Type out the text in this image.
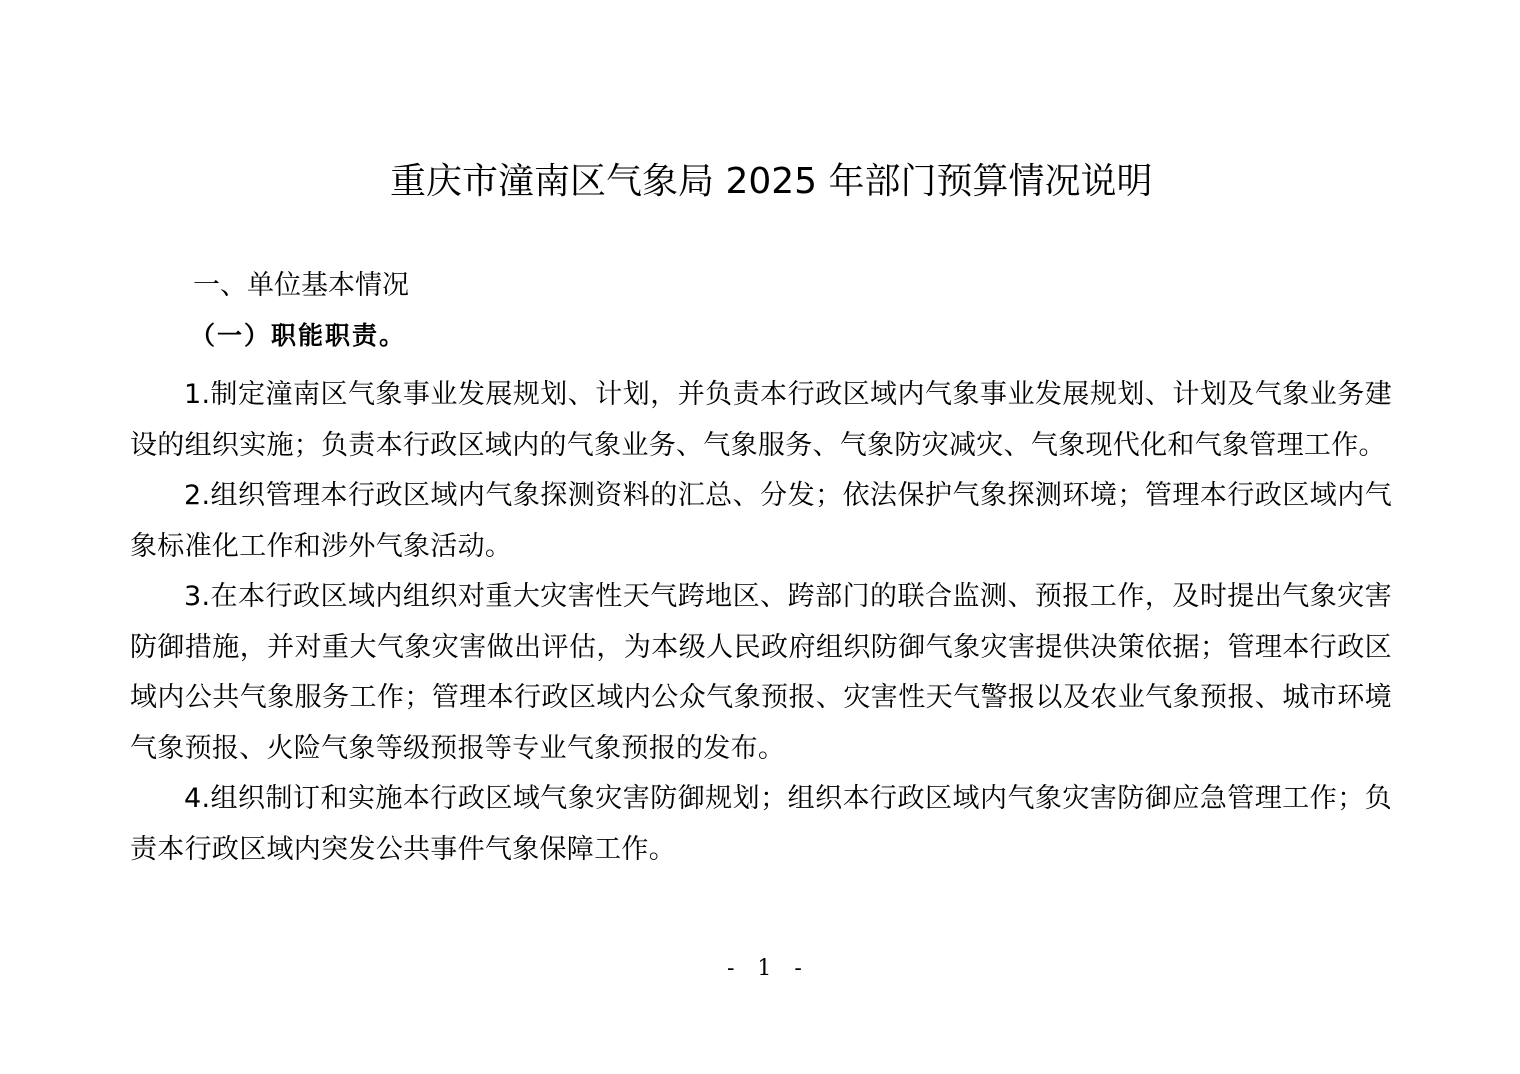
重庆市潼南区气象局 2025 年部门预算情况说明
一、单位基本情况
（一）职能职责。

1.制定潼南区气象事业发展规划、计划，并负责本行政区域内气象事业发展规划、计划及气象业务建设的组织实施；负责本行政区域内的气象业务、气象服务、气象防灾减灾、气象现代化和气象管理工作。

2.组织管理本行政区域内气象探测资料的汇总、分发；依法保护气象探测环境；管理本行政区域内气象标准化工作和涉外气象活动。

3.在本行政区域内组织对重大灾害性天气跨地区、跨部门的联合监测、预报工作，及时提出气象灾害防御措施，并对重大气象灾害做出评估，为本级人民政府组织防御气象灾害提供决策依据；管理本行政区域内公共气象服务工作；管理本行政区域内公众气象预报、灾害性天气警报以及农业气象预报、城市环境气象预报、火险气象等级预报等专业气象预报的发布。

4.组织制订和实施本行政区域气象灾害防御规划；组织本行政区域内气象灾害防御应急管理工作；负责本行政区域内突发公共事件气象保障工作。

- 1 -
